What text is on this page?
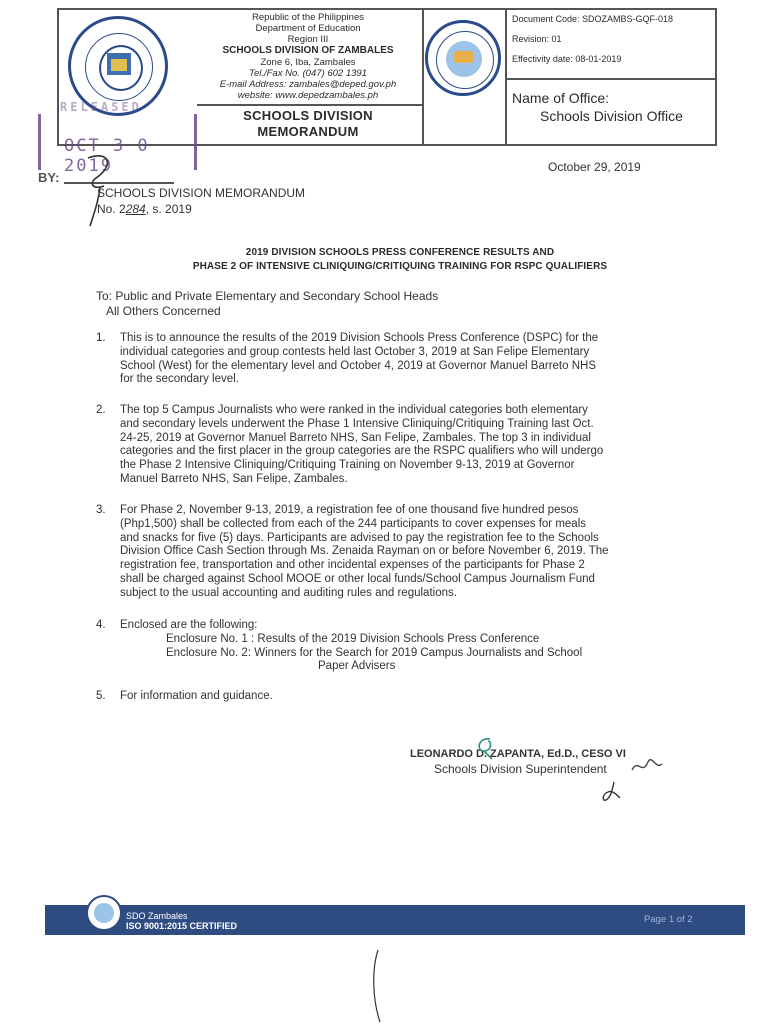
Republic of the Philippines
Department of Education
Region III
SCHOOLS DIVISION OF ZAMBALES
Zone 6, Iba, Zambales
Tel./Fax No. (047) 602 1391
E-mail Address: zambales@deped.gov.ph
website: www.depedzambales.ph
SCHOOLS DIVISION
MEMORANDUM
Document Code: SDOZAMBS-GQF-018
Revision: 01
Effectivity date: 08-01-2019
Name of Office:
Schools Division Office
RELEASED
OCT 3 0 2019
BY:
October 29, 2019
SCHOOLS DIVISION MEMORANDUM
No. 2284, s. 2019
2019 DIVISION SCHOOLS PRESS CONFERENCE RESULTS AND
PHASE 2 OF INTENSIVE CLINIQUING/CRITIQUING TRAINING FOR RSPC QUALIFIERS
To: Public and Private Elementary and Secondary School Heads
All Others Concerned
1. This is to announce the results of the 2019 Division Schools Press Conference (DSPC) for the
individual categories and group contests held last October 3, 2019 at San Felipe Elementary
School (West) for the elementary level and October 4, 2019 at Governor Manuel Barreto NHS
for the secondary level.
2. The top 5 Campus Journalists who were ranked in the individual categories both elementary
and secondary levels underwent the Phase 1 Intensive Cliniquing/Critiquing Training last Oct.
24-25, 2019 at Governor Manuel Barreto NHS, San Felipe, Zambales. The top 3 in individual
categories and the first placer in the group categories are the RSPC qualifiers who will undergo
the Phase 2 Intensive Cliniquing/Critiquing Training on November 9-13, 2019 at Governor
Manuel Barreto NHS, San Felipe, Zambales.
3. For Phase 2, November 9-13, 2019, a registration fee of one thousand five hundred pesos
(Php1,500) shall be collected from each of the 244 participants to cover expenses for meals
and snacks for five (5) days. Participants are advised to pay the registration fee to the Schools
Division Office Cash Section through Ms. Zenaida Rayman on or before November 6, 2019. The
registration fee, transportation and other incidental expenses of the participants for Phase 2
shall be charged against School MOOE or other local funds/School Campus Journalism Fund
subject to the usual accounting and auditing rules and regulations.
4. Enclosed are the following:
Enclosure No. 1 : Results of the 2019 Division Schools Press Conference
Enclosure No. 2: Winners for the Search for 2019 Campus Journalists and School
Paper Advisers
5. For information and guidance.
LEONARDO D. ZAPANTA, Ed.D., CESO VI
Schools Division Superintendent
SDO Zambales
ISO 9001:2015 CERTIFIED
Page 1 of 2
